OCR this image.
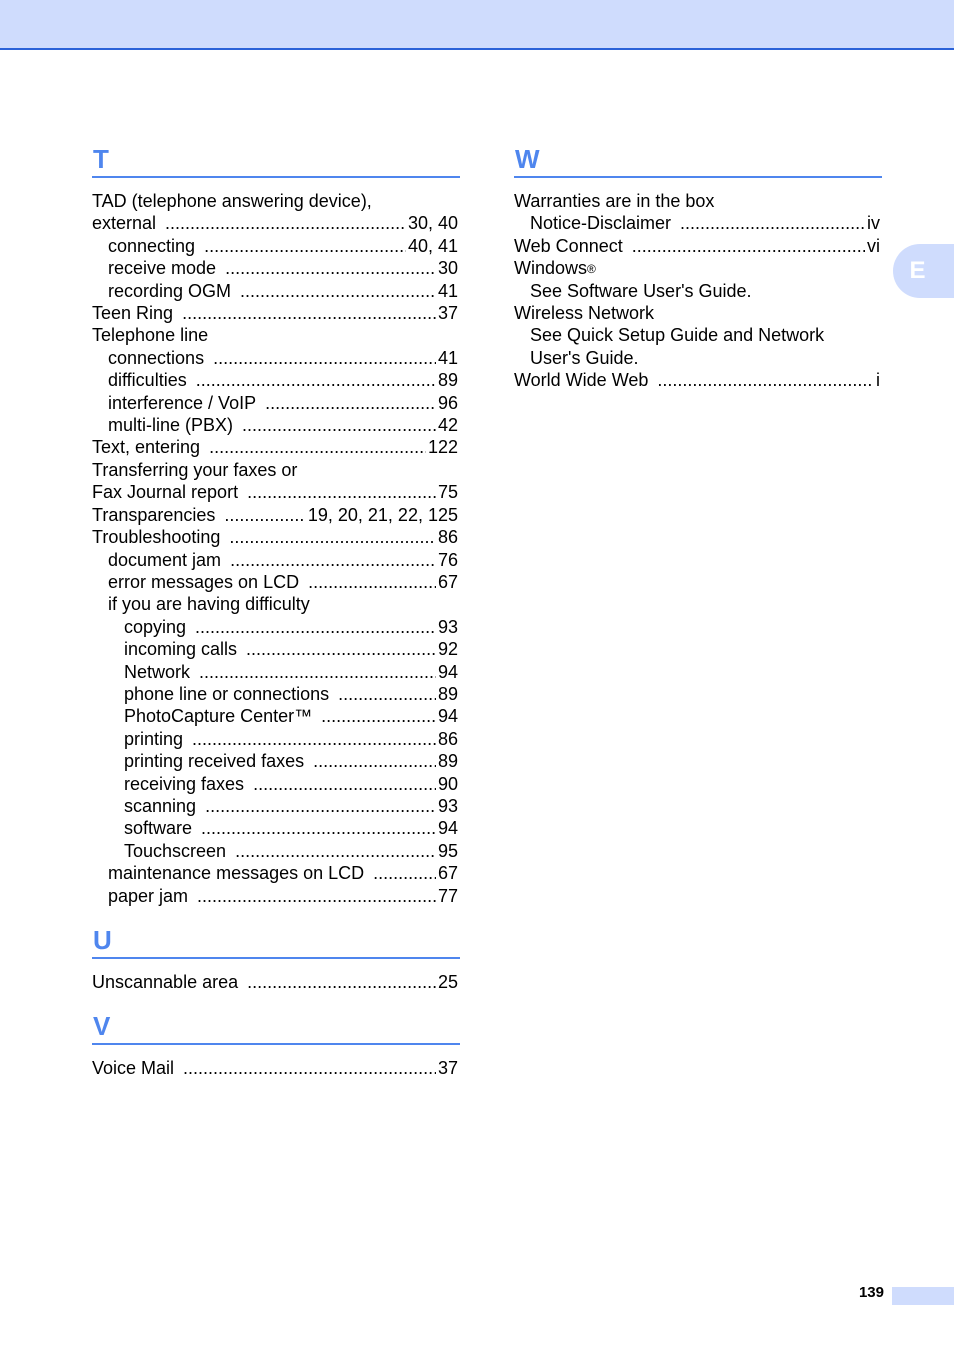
T
TAD (telephone answering device),
external .....	30, 40
connecting .....	40, 41
receive mode .....	30
recording OGM .....	41
Teen Ring .....	37
Telephone line
connections .....	41
difficulties .....	89
interference / VoIP .....	96
multi-line (PBX) .....	42
Text, entering .....	122
Transferring your faxes or
Fax Journal report .....	75
Transparencies .....	19, 20, 21, 22, 125
Troubleshooting .....	86
document jam .....	76
error messages on LCD .....	67
if you are having difficulty
copying .....	93
incoming calls .....	92
Network .....	94
phone line or connections .....	89
PhotoCapture Center™ .....	94
printing .....	86
printing received faxes .....	89
receiving faxes .....	90
scanning .....	93
software .....	94
Touchscreen .....	95
maintenance messages on LCD .....	67
paper jam .....	77
U
Unscannable area .....	25
V
Voice Mail .....	37
W
Warranties are in the box
Notice-Disclaimer .....	iv
Web Connect .....	vi
Windows®
See Software User's Guide.
Wireless Network
See Quick Setup Guide and Network
User's Guide.
World Wide Web .....	i
E
139
